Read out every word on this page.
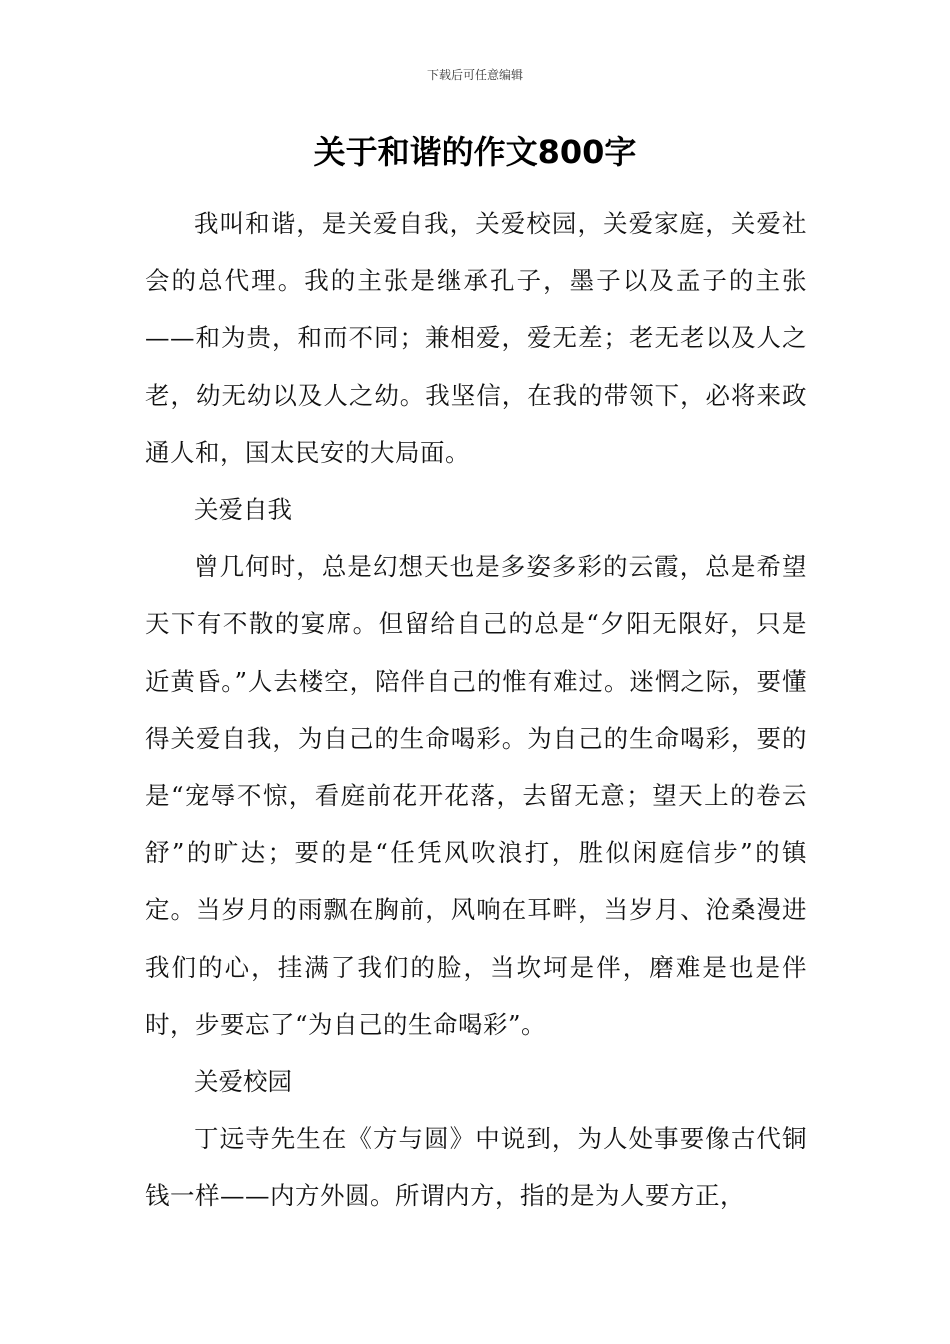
下载后可任意编辑
关于和谐的作文800字

我叫和谐，是关爱自我，关爱校园，关爱家庭，关爱社会的总代理。我的主张是继承孔子，墨子以及孟子的主张——和为贵，和而不同；兼相爱，爱无差；老无老以及人之老，幼无幼以及人之幼。我坚信，在我的带领下，必将来政通人和，国太民安的大局面。

关爱自我

曾几何时，总是幻想天也是多姿多彩的云霞，总是希望天下有不散的宴席。但留给自己的总是“夕阳无限好，只是近黄昏。”人去楼空，陪伴自己的惟有难过。迷惘之际，要懂得关爱自我，为自己的生命喝彩。为自己的生命喝彩，要的是“宠辱不惊，看庭前花开花落，去留无意；望天上的卷云舒”的旷达；要的是“任凭风吹浪打，胜似闲庭信步”的镇定。当岁月的雨飘在胸前，风响在耳畔，当岁月、沧桑漫进我们的心，挂满了我们的脸，当坎坷是伴，磨难是也是伴时，步要忘了“为自己的生命喝彩”。

关爱校园

丁远寺先生在《方与圆》中说到，为人处事要像古代铜钱一样——内方外圆。所谓内方，指的是为人要方正，
